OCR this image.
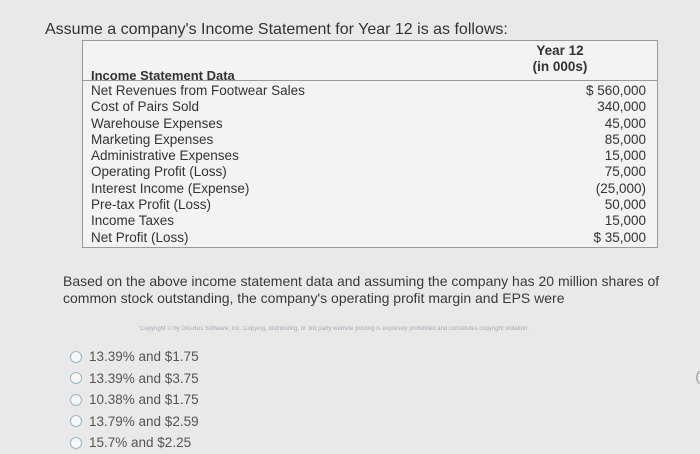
Assume a company's Income Statement for Year 12 is as follows:
Year 12
(in 000s)
Income Statement Data
Net Revenues from Footwear Sales	$ 560,000
Cost of Pairs Sold	340,000
Warehouse Expenses	45,000
Marketing Expenses	85,000
Administrative Expenses	15,000
Operating Profit (Loss)	75,000
Interest Income (Expense)	(25,000)
Pre-tax Profit (Loss)	50,000
Income Taxes	15,000
Net Profit (Loss)	$ 35,000
Based on the above income statement data and assuming the company has 20 million shares of common stock outstanding, the company's operating profit margin and EPS were
Copyright © by Glo-Bus Software, Inc. Copying, distributing, or 3rd party website posting is expressly prohibited and constitutes copyright violation.
13.39% and $1.75
13.39% and $3.75
10.38% and $1.75
13.79% and $2.59
15.7% and $2.25
(
